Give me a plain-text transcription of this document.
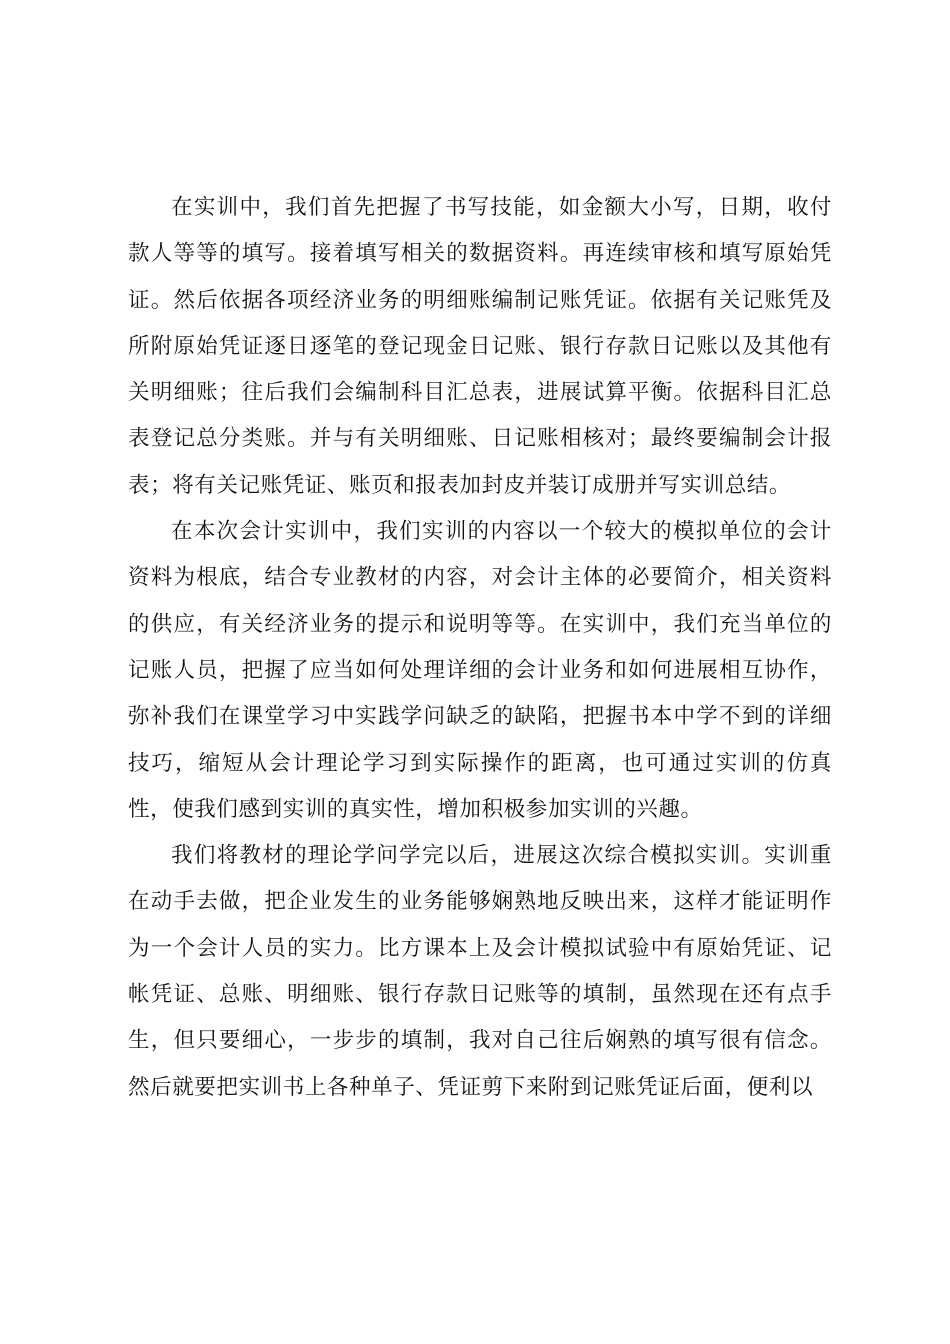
在实训中，我们首先把握了书写技能，如金额大小写，日期，收付款人等等的填写。接着填写相关的数据资料。再连续审核和填写原始凭证。然后依据各项经济业务的明细账编制记账凭证。依据有关记账凭及所附原始凭证逐日逐笔的登记现金日记账、银行存款日记账以及其他有关明细账；往后我们会编制科目汇总表，进展试算平衡。依据科目汇总表登记总分类账。并与有关明细账、日记账相核对；最终要编制会计报表；将有关记账凭证、账页和报表加封皮并装订成册并写实训总结。

在本次会计实训中，我们实训的内容以一个较大的模拟单位的会计资料为根底，结合专业教材的内容，对会计主体的必要简介，相关资料的供应，有关经济业务的提示和说明等等。在实训中，我们充当单位的记账人员，把握了应当如何处理详细的会计业务和如何进展相互协作，弥补我们在课堂学习中实践学问缺乏的缺陷，把握书本中学不到的详细技巧，缩短从会计理论学习到实际操作的距离，也可通过实训的仿真性，使我们感到实训的真实性，增加积极参加实训的兴趣。

我们将教材的理论学问学完以后，进展这次综合模拟实训。实训重在动手去做，把企业发生的业务能够娴熟地反映出来，这样才能证明作为一个会计人员的实力。比方课本上及会计模拟试验中有原始凭证、记帐凭证、总账、明细账、银行存款日记账等的填制，虽然现在还有点手生，但只要细心，一步步的填制，我对自己往后娴熟的填写很有信念。然后就要把实训书上各种单子、凭证剪下来附到记账凭证后面，便利以
